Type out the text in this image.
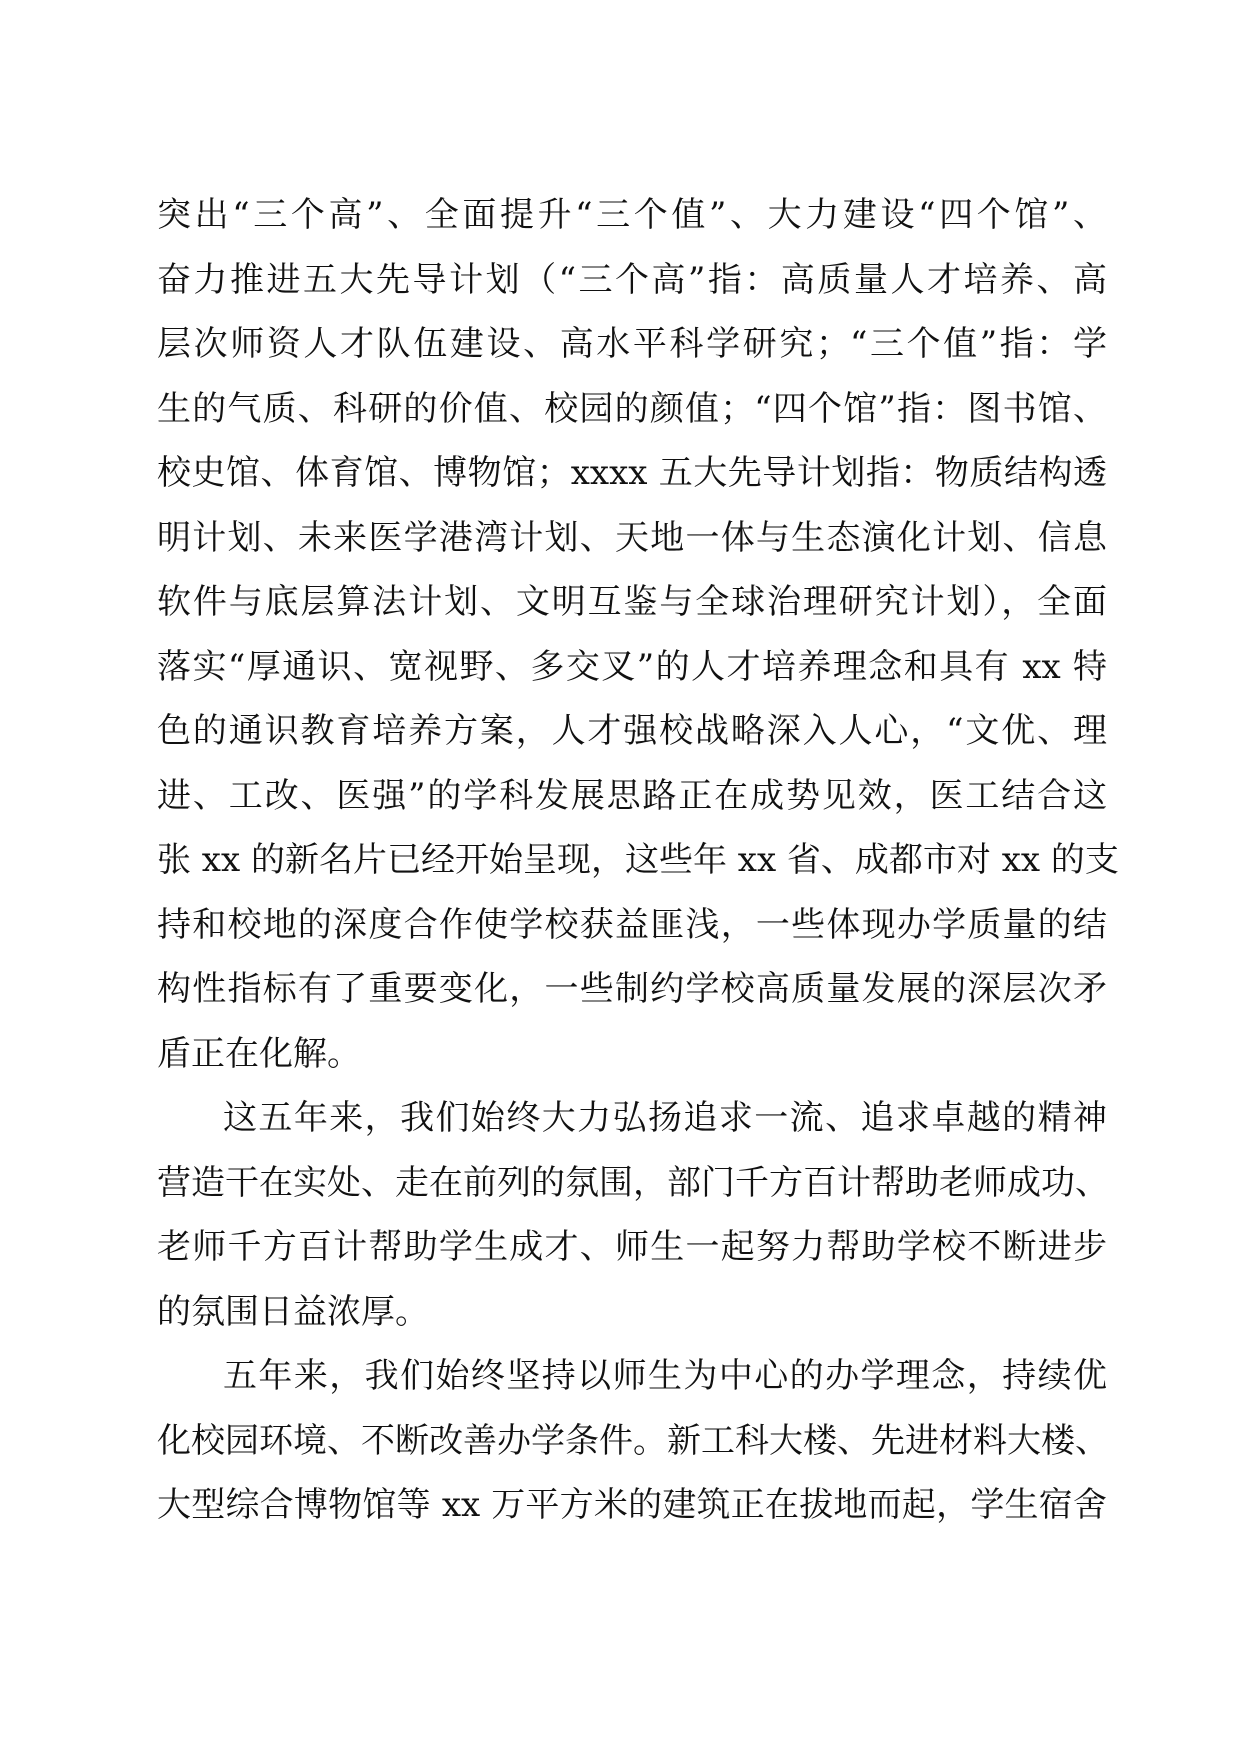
突出“三个高”、全面提升“三个值”、大力建设“四个馆”、
奋力推进五大先导计划（“三个高”指：高质量人才培养、高
层次师资人才队伍建设、高水平科学研究；“三个值”指：学
生的气质、科研的价值、校园的颜值；“四个馆”指：图书馆、
校史馆、体育馆、博物馆；xxxx 五大先导计划指：物质结构透
明计划、未来医学港湾计划、天地一体与生态演化计划、信息
软件与底层算法计划、文明互鉴与全球治理研究计划），全面
落实“厚通识、宽视野、多交叉”的人才培养理念和具有 xx 特
色的通识教育培养方案，人才强校战略深入人心，“文优、理
进、工改、医强”的学科发展思路正在成势见效，医工结合这
张 xx 的新名片已经开始呈现，这些年 xx 省、成都市对 xx 的支
持和校地的深度合作使学校获益匪浅，一些体现办学质量的结
构性指标有了重要变化，一些制约学校高质量发展的深层次矛
盾正在化解。
这五年来，我们始终大力弘扬追求一流、追求卓越的精神
营造干在实处、走在前列的氛围，部门千方百计帮助老师成功、
老师千方百计帮助学生成才、师生一起努力帮助学校不断进步
的氛围日益浓厚。
五年来，我们始终坚持以师生为中心的办学理念，持续优
化校园环境、不断改善办学条件。新工科大楼、先进材料大楼、
大型综合博物馆等 xx 万平方米的建筑正在拔地而起，学生宿舍
